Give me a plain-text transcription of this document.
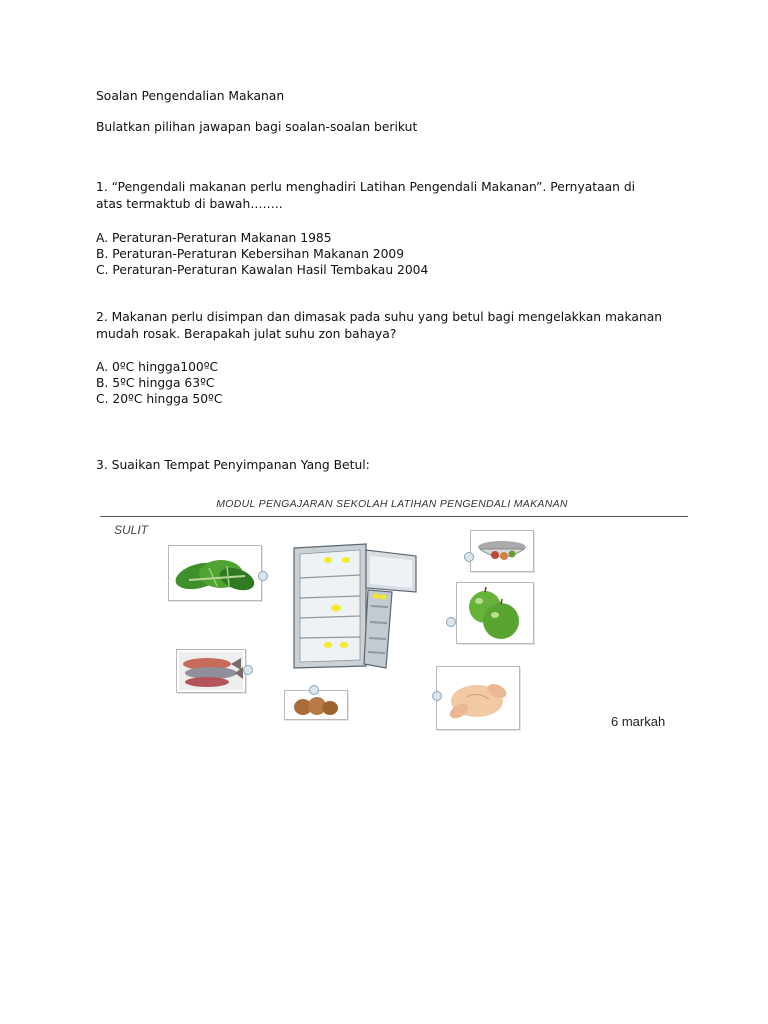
Soalan Pengendalian Makanan
Bulatkan pilihan jawapan bagi soalan-soalan berikut
1. “Pengendali makanan perlu menghadiri Latihan Pengendali Makanan”. Pernyataan di atas termaktub di bawah……..
A. Peraturan-Peraturan Makanan 1985
B. Peraturan-Peraturan Kebersihan Makanan 2009
C. Peraturan-Peraturan Kawalan Hasil Tembakau 2004
2. Makanan perlu disimpan dan dimasak pada suhu yang betul bagi mengelakkan makanan mudah rosak. Berapakah julat suhu zon bahaya?
A. 0ºC hingga100ºC
B. 5ºC hingga 63ºC
C. 20ºC hingga 50ºC
3. Suaikan Tempat Penyimpanan Yang Betul:
MODUL PENGAJARAN SEKOLAH LATIHAN PENGENDALI MAKANAN
SULIT
6 markah
